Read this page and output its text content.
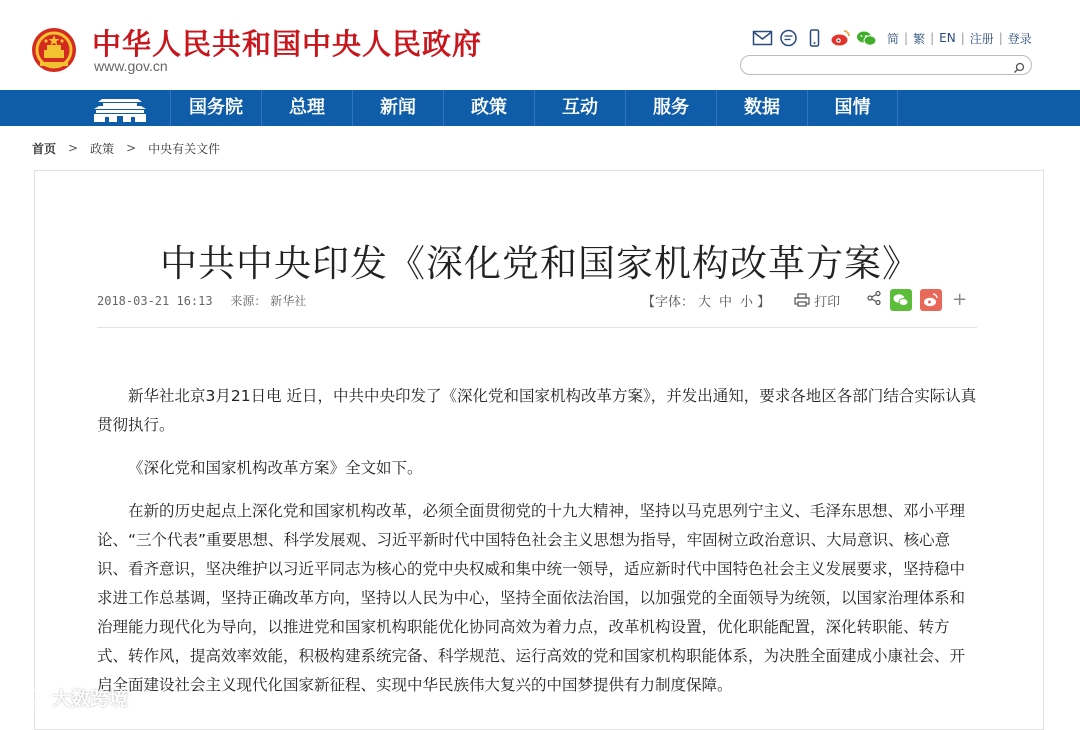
中华人民共和国中央人民政府
www.gov.cn
简 | 繁 | EN | 注册 | 登录
国务院	总理	新闻	政策	互动	服务	数据	国情
首页 > 政策 > 中央有关文件
中共中央印发《深化党和国家机构改革方案》
2018-03-21 16:13 来源： 新华社	【字体： 大 中 小 】	打印	+

新华社北京3月21日电 近日，中共中央印发了《深化党和国家机构改革方案》，并发出通知，要求各地区各部门结合实际认真贯彻执行。

《深化党和国家机构改革方案》全文如下。

在新的历史起点上深化党和国家机构改革，必须全面贯彻党的十九大精神，坚持以马克思列宁主义、毛泽东思想、邓小平理论、“三个代表”重要思想、科学发展观、习近平新时代中国特色社会主义思想为指导，牢固树立政治意识、大局意识、核心意识、看齐意识，坚决维护以习近平同志为核心的党中央权威和集中统一领导，适应新时代中国特色社会主义发展要求，坚持稳中求进工作总基调，坚持正确改革方向，坚持以人民为中心，坚持全面依法治国，以加强党的全面领导为统领，以国家治理体系和治理能力现代化为导向，以推进党和国家机构职能优化协同高效为着力点，改革机构设置，优化职能配置，深化转职能、转方式、转作风，提高效率效能，积极构建系统完备、科学规范、运行高效的党和国家机构职能体系，为决胜全面建成小康社会、开启全面建设社会主义现代化国家新征程、实现中华民族伟大复兴的中国梦提供有力制度保障。

大数跨境
